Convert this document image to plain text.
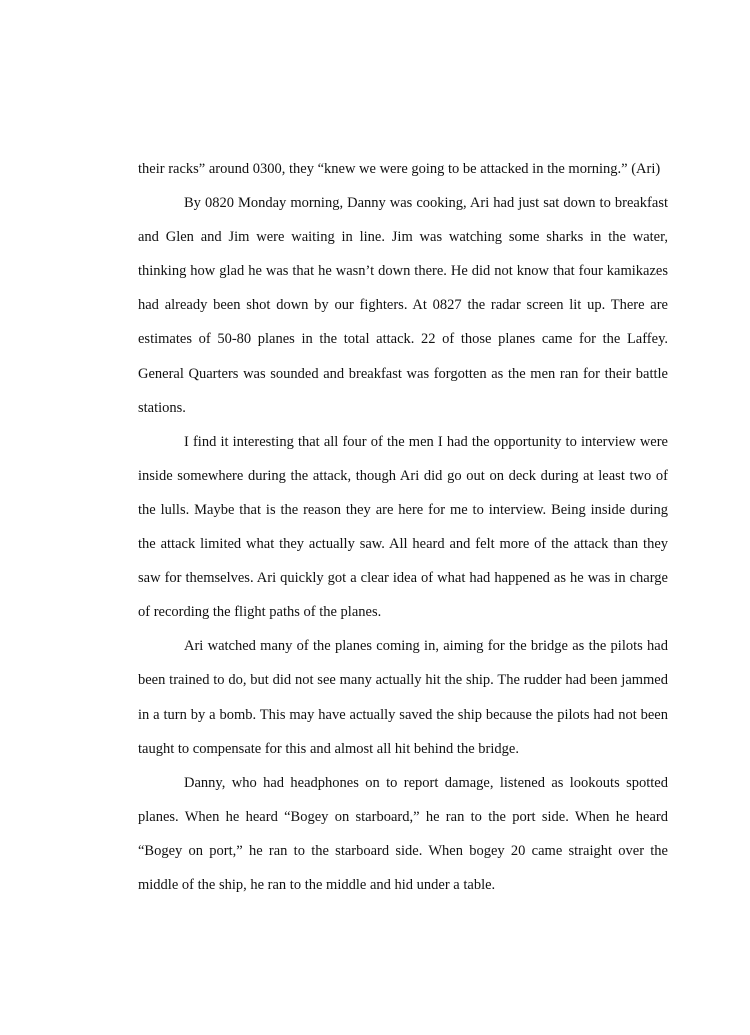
their racks” around 0300, they “knew we were going to be attacked in the morning.” (Ari)

By 0820 Monday morning, Danny was cooking, Ari had just sat down to breakfast and Glen and Jim were waiting in line. Jim was watching some sharks in the water, thinking how glad he was that he wasn’t down there. He did not know that four kamikazes had already been shot down by our fighters. At 0827 the radar screen lit up. There are estimates of 50-80 planes in the total attack. 22 of those planes came for the Laffey. General Quarters was sounded and breakfast was forgotten as the men ran for their battle stations.

I find it interesting that all four of the men I had the opportunity to interview were inside somewhere during the attack, though Ari did go out on deck during at least two of the lulls. Maybe that is the reason they are here for me to interview. Being inside during the attack limited what they actually saw. All heard and felt more of the attack than they saw for themselves. Ari quickly got a clear idea of what had happened as he was in charge of recording the flight paths of the planes.

Ari watched many of the planes coming in, aiming for the bridge as the pilots had been trained to do, but did not see many actually hit the ship. The rudder had been jammed in a turn by a bomb. This may have actually saved the ship because the pilots had not been taught to compensate for this and almost all hit behind the bridge.

Danny, who had headphones on to report damage, listened as lookouts spotted planes. When he heard “Bogey on starboard,” he ran to the port side. When he heard “Bogey on port,” he ran to the starboard side. When bogey 20 came straight over the middle of the ship, he ran to the middle and hid under a table.
